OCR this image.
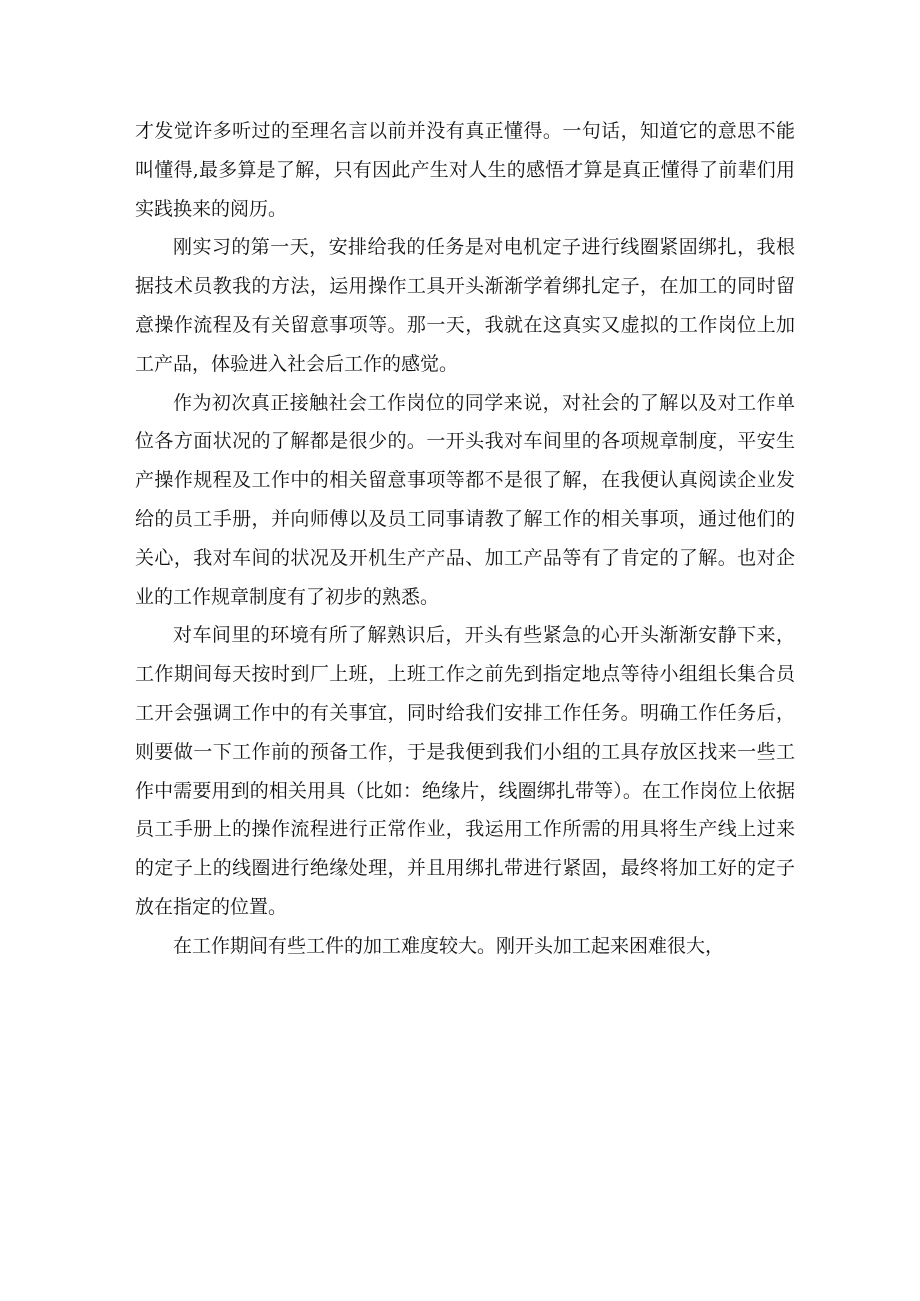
才发觉许多听过的至理名言以前并没有真正懂得。一句话，知道它的意思不能叫懂得,最多算是了解，只有因此产生对人生的感悟才算是真正懂得了前辈们用实践换来的阅历。

刚实习的第一天，安排给我的任务是对电机定子进行线圈紧固绑扎，我根据技术员教我的方法，运用操作工具开头渐渐学着绑扎定子，在加工的同时留意操作流程及有关留意事项等。那一天，我就在这真实又虚拟的工作岗位上加工产品，体验进入社会后工作的感觉。

作为初次真正接触社会工作岗位的同学来说，对社会的了解以及对工作单位各方面状况的了解都是很少的。一开头我对车间里的各项规章制度，平安生产操作规程及工作中的相关留意事项等都不是很了解，在我便认真阅读企业发给的员工手册，并向师傅以及员工同事请教了解工作的相关事项，通过他们的关心，我对车间的状况及开机生产产品、加工产品等有了肯定的了解。也对企业的工作规章制度有了初步的熟悉。

对车间里的环境有所了解熟识后，开头有些紧急的心开头渐渐安静下来，工作期间每天按时到厂上班，上班工作之前先到指定地点等待小组组长集合员工开会强调工作中的有关事宜，同时给我们安排工作任务。明确工作任务后，则要做一下工作前的预备工作，于是我便到我们小组的工具存放区找来一些工作中需要用到的相关用具（比如：绝缘片，线圈绑扎带等）。在工作岗位上依据员工手册上的操作流程进行正常作业，我运用工作所需的用具将生产线上过来的定子上的线圈进行绝缘处理，并且用绑扎带进行紧固，最终将加工好的定子放在指定的位置。

在工作期间有些工件的加工难度较大。刚开头加工起来困难很大，
